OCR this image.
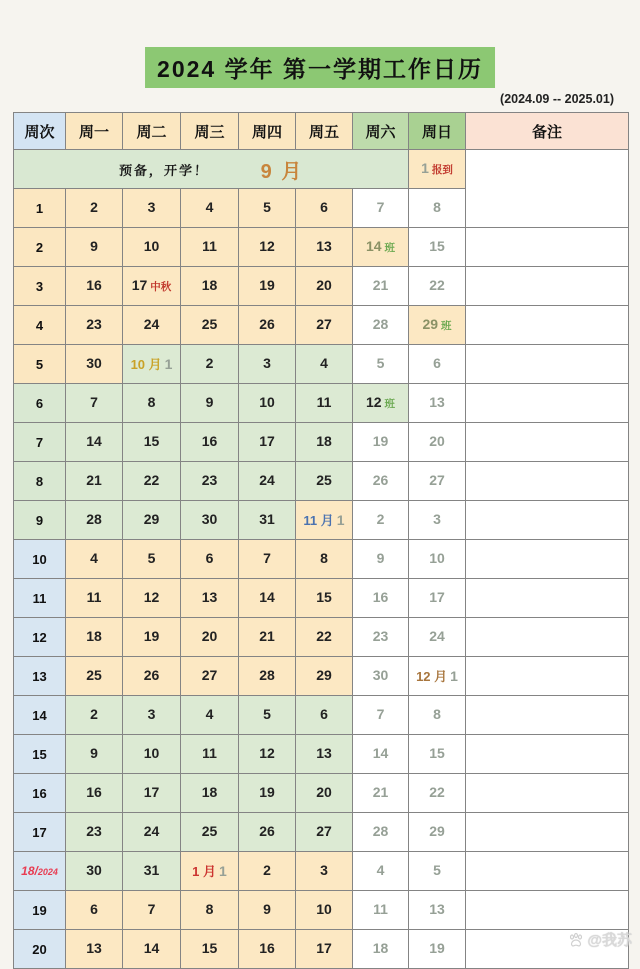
2024 学年 第一学期工作日历
(2024.09 -- 2025.01)
周次	周一	周二	周三	周四	周五	周六	周日	备注

预备，开学！ 9 月							1 报到	
1	2	3	4	5	6	7	8	
2	9	10	11	12	13	14 班	15	
3	16	17 中秋	18	19	20	21	22	
4	23	24	25	26	27	28	29 班	
5	30	10 月 1	2	3	4	5	6	
6	7	8	9	10	11	12 班	13	
7	14	15	16	17	18	19	20	
8	21	22	23	24	25	26	27	
9	28	29	30	31	11 月 1	2	3	
10	4	5	6	7	8	9	10	
11	11	12	13	14	15	16	17	
12	18	19	20	21	22	23	24	
13	25	26	27	28	29	30	12 月 1	
14	2	3	4	5	6	7	8	
15	9	10	11	12	13	14	15	
16	16	17	18	19	20	21	22	
17	23	24	25	26	27	28	29	
18/2024	30	31	1 月 1	2	3	4	5	
19	6	7	8	9	10	11	13	
20	13	14	15	16	17	18	19		@我苏
